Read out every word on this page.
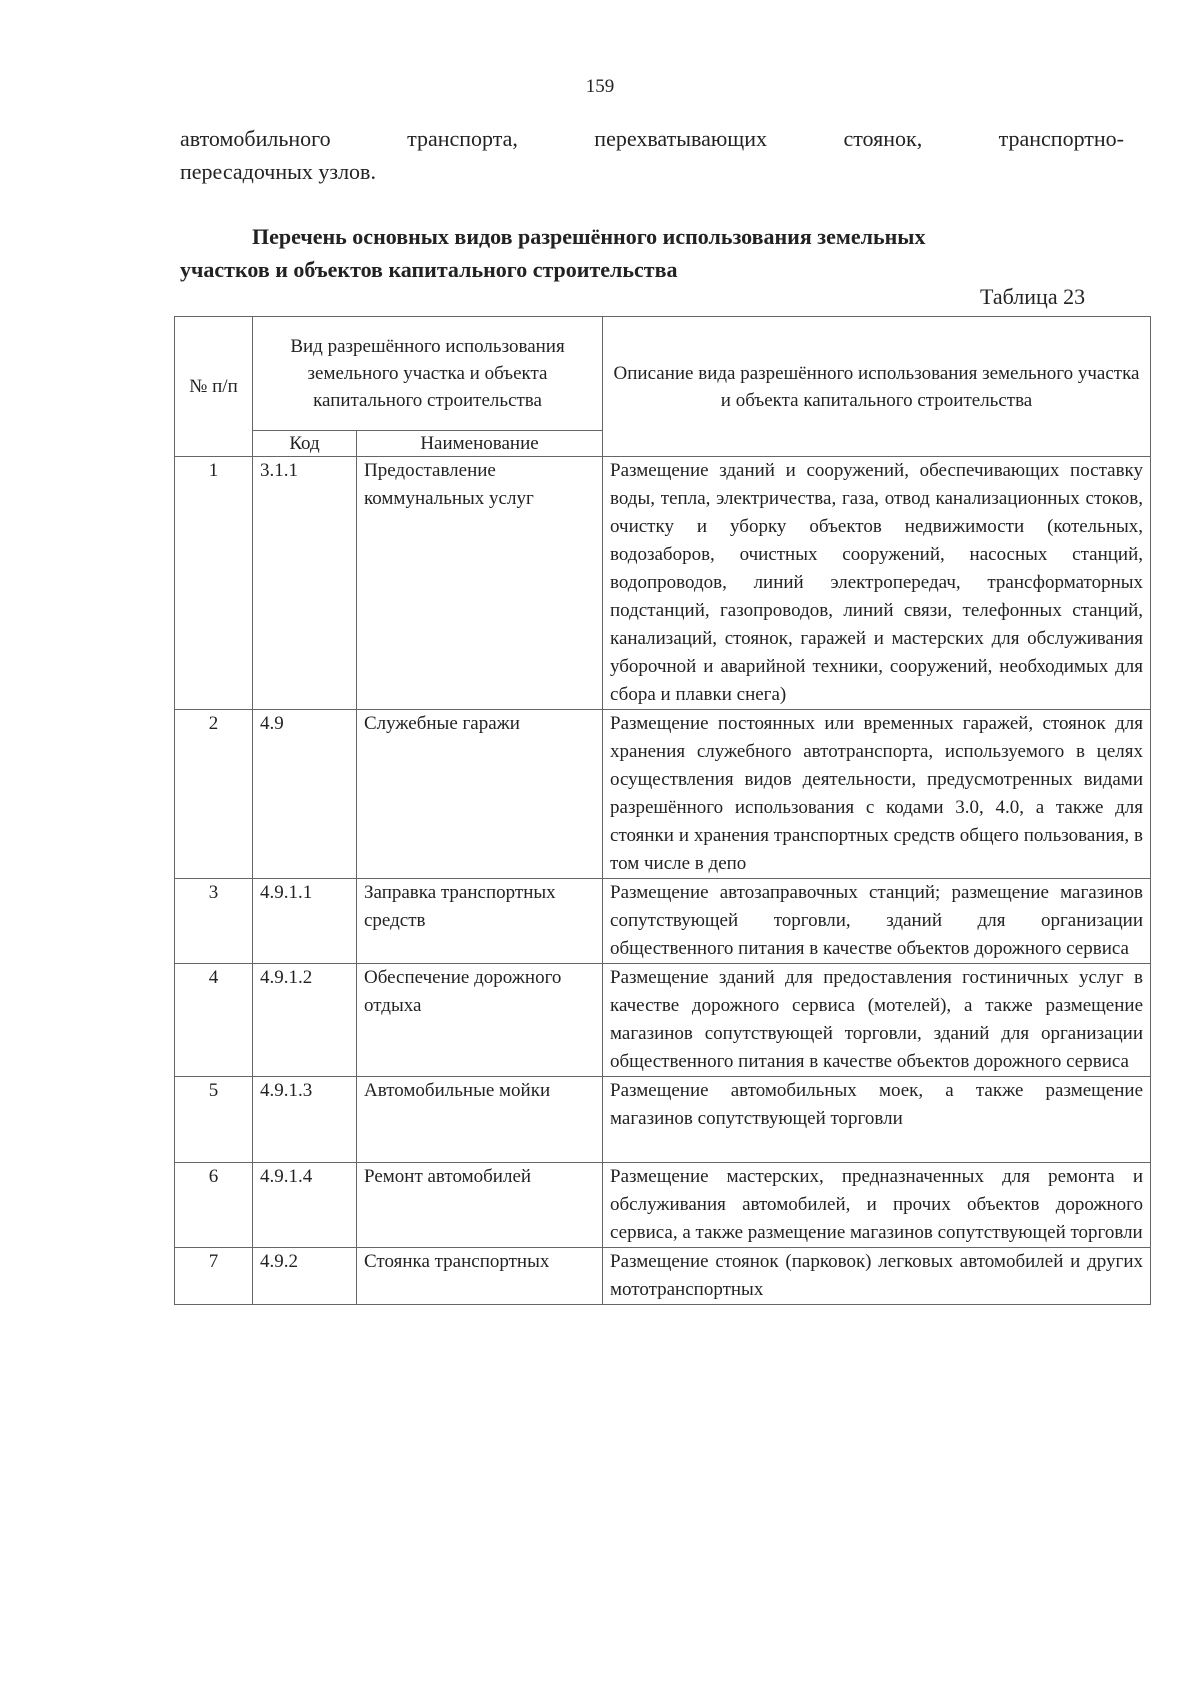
159
автомобильного транспорта, перехватывающих стоянок, транспортно-
пересадочных узлов.
Перечень основных видов разрешённого использования земельных
участков и объектов капитального строительства
Таблица 23
№ п/п	Вид разрешённого использования земельного участка и объекта капитального строительства		Описание вида разрешённого использования земельного участка и объекта капитального строительства
	Код	Наименование	
1	3.1.1	Предоставление коммунальных услуг	Размещение зданий и сооружений, обеспечивающих поставку воды, тепла, электричества, газа, отвод канализационных стоков, очистку и уборку объектов недвижимости (котельных, водозаборов, очистных сооружений, насосных станций, водопроводов, линий электропередач, трансформаторных подстанций, газопроводов, линий связи, телефонных станций, канализаций, стоянок, гаражей и мастерских для обслуживания уборочной и аварийной техники, сооружений, необходимых для сбора и плавки снега)
2	4.9	Служебные гаражи	Размещение постоянных или временных гаражей, стоянок для хранения служебного автотранспорта, используемого в целях осуществления видов деятельности, предусмотренных видами разрешённого использования с кодами 3.0, 4.0, а также для стоянки и хранения транспортных средств общего пользования, в том числе в депо
3	4.9.1.1	Заправка транспортных средств	Размещение автозаправочных станций; размещение магазинов сопутствующей торговли, зданий для организации общественного питания в качестве объектов дорожного сервиса
4	4.9.1.2	Обеспечение дорожного отдыха	Размещение зданий для предоставления гостиничных услуг в качестве дорожного сервиса (мотелей), а также размещение магазинов сопутствующей торговли, зданий для организации общественного питания в качестве объектов дорожного сервиса
5	4.9.1.3	Автомобильные мойки	Размещение автомобильных моек, а также размещение магазинов сопутствующей торговли
6	4.9.1.4	Ремонт автомобилей	Размещение мастерских, предназначенных для ремонта и обслуживания автомобилей, и прочих объектов дорожного сервиса, а также размещение магазинов сопутствующей торговли
7	4.9.2	Стоянка транспортных	Размещение стоянок (парковок) легковых автомобилей и других мототранспортных
